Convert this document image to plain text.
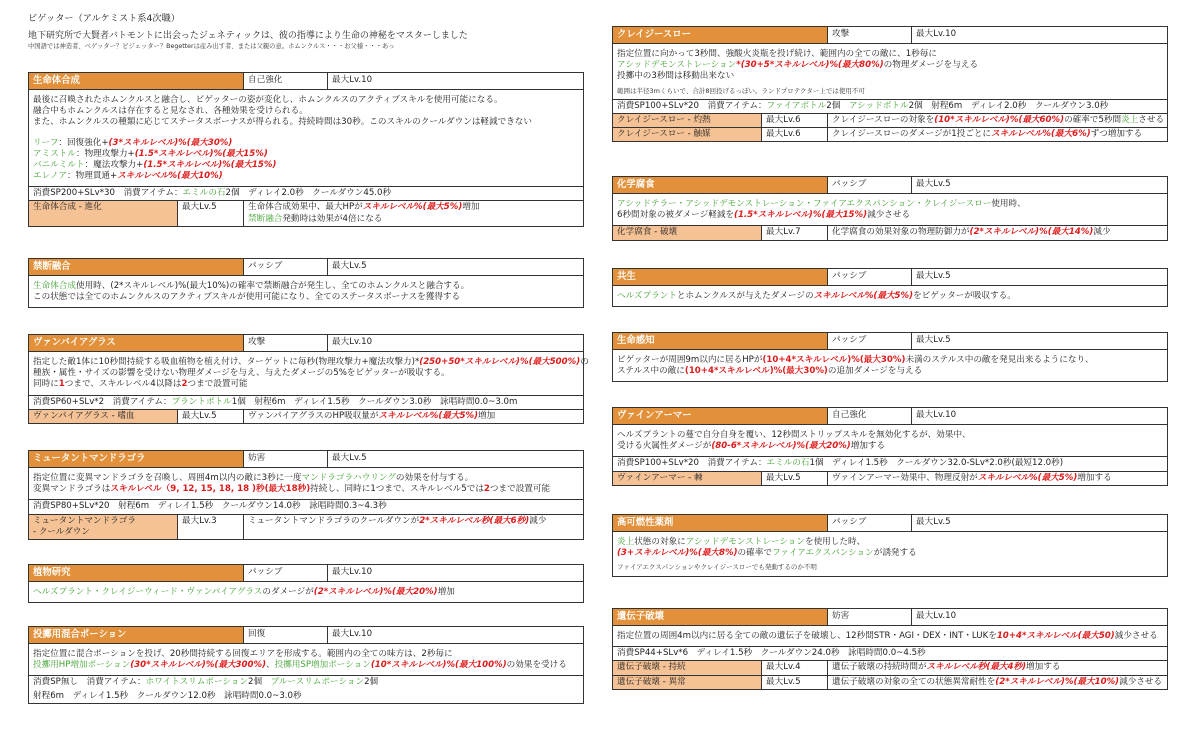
ビゲッター（アルケミスト系4次職）
地下研究所で大賢者バトモントに出会ったジェネティックは、彼の指導により生命の神秘をマスターしました
中国語では神造者、ベゲッター？ビジェッター？Begetterは産み出す者、または父親の意。ホムンクルス・・・お父様・・・あっ
生命体合成	自己強化	最大Lv.10
最後に召喚されたホムンクルスと融合し、ビゲッターの姿が変化し、ホムンクルスのアクティブスキルを使用可能になる。
融合中もホムンクルスは存在すると見なされ、各種効果を受けられる。
また、ホムンクルスの種類に応じてステータスボーナスが得られる。持続時間は30秒。このスキルのクールダウンは軽減できない
リーフ：回復強化+(3*スキルレベル)%(最大30%)
アミストル：物理攻撃力+(1.5*スキルレベル)%(最大15%)
バニルミルト：魔法攻撃力+(1.5*スキルレベル)%(最大15%)
エレノア：物理貫通+スキルレベル%(最大10%)
消費SP200+SLv*30　消費アイテム：エミルの石2個　ディレイ2.0秒　クールダウン45.0秒
生命体合成 - 進化	最大Lv.5	生命体合成効果中、最大HPがスキルレベル%(最大5%)増加
禁断融合発動時は効果が4倍になる
禁断融合	パッシブ	最大Lv.5
生命体合成使用時、(2*スキルレベル)%(最大10%)の確率で禁断融合が発生し、全てのホムンクルスと融合する。
この状態では全てのホムンクルスのアクティブスキルが使用可能になり、全てのステータスボーナスを獲得する
ヴァンパイアグラス	攻撃	最大Lv.10
指定した敵1体に10秒間持続する吸血植物を植え付け、ターゲットに毎秒(物理攻撃力+魔法攻撃力)*(250+50*スキルレベル)%(最大500%)の
種族・属性・サイズの影響を受けない物理ダメージを与え、与えたダメージの5%をビゲッターが吸収する。
同時に1つまで、スキルレベル4以降は2つまで設置可能
消費SP60+SLv*2　消費アイテム：プラントボトル1個　射程6m　ディレイ1.5秒　クールダウン3.0秒　詠唱時間0.0~3.0m
ヴァンパイアグラス - 嗜血	最大Lv.5	ヴァンパイアグラスのHP吸収量がスキルレベル%(最大5%)増加
ミュータントマンドラゴラ	妨害	最大Lv.5
指定位置に変異マンドラゴラを召喚し、周囲4m以内の敵に3秒に一度マンドラゴラハウリングの効果を付与する。
変異マンドラゴラはスキルレベル（9, 12, 15, 18, 18 )秒(最大18秒)持続し、同時に1つまで、スキルレベル5では2つまで設置可能
消費SP80+SLv*20　射程6m　ディレイ1.5秒　クールダウン14.0秒　詠唱時間0.3~4.3秒
ミュータントマンドラゴラ
- クールダウン
最大Lv.3	ミュータントマンドラゴラのクールダウンが2*スキルレベル秒(最大6秒)減少
植物研究	パッシブ	最大Lv.10
ヘルズプラント・クレイジーウィード・ヴァンパイアグラスのダメージが(2*スキルレベル)%(最大20%)増加
投擲用混合ポーション	回復	最大Lv.10
指定位置に混合ポーションを投げ、20秒間持続する回復エリアを形成する。範囲内の全ての味方は、2秒毎に
投擲用HP増加ポーション(30*スキルレベル)%(最大300%)、投擲用SP増加ポーション(10*スキルレベル)%(最大100%)の効果を受ける
消費SP無し　消費アイテム：ホワイトスリムポーション2個　ブルースリムポーション2個
射程6m　ディレイ1.5秒　クールダウン12.0秒　詠唱時間0.0~3.0秒
クレイジースロー	攻撃	最大Lv.10
指定位置に向かって3秒間、強酸火炎瓶を投げ続け、範囲内の全ての敵に、1秒毎に
アシッドデモンストレーション*(30+5*スキルレベル)%(最大80%)の物理ダメージを与える
投擲中の3秒間は移動出来ない
範囲は半径3mくらいで、合計8回投げるっぽい。ランドプロテクター上では使用不可
消費SP100+SLv*20　消費アイテム：ファイアボトル2個　アシッドボトル2個　射程6m　ディレイ2.0秒　クールダウン3.0秒
クレイジースロー - 灼熱	最大Lv.6	クレイジースローの対象を(10*スキルレベル)%(最大60%)の確率で5秒間炎上させる
クレイジースロー - 触媒	最大Lv.6	クレイジースローのダメージが1投ごとにスキルレベル%(最大6%)ずつ増加する
化学腐食	パッシブ	最大Lv.5
アシッドテラー・アシッドデモンストレーション・ファイアエクスパンション・クレイジースロー使用時、
6秒間対象の被ダメージ軽減を(1.5*スキルレベル)%(最大15%)減少させる
化学腐食 - 破壊	最大Lv.7	化学腐食の効果対象の物理防御力が(2*スキルレベル)%(最大14%)減少
共生	パッシブ	最大Lv.5
ヘルズプラントとホムンクルスが与えたダメージのスキルレベル%(最大5%)をビゲッターが吸収する。
生命感知	パッシブ	最大Lv.5
ビゲッターが周囲9m以内に居るHPが(10+4*スキルレベル)%(最大30%)未満のステルス中の敵を発見出来るようになり、
ステルス中の敵に(10+4*スキルレベル)%(最大30%)の追加ダメージを与える
ヴァインアーマー	自己強化	最大Lv.10
ヘルズプラントの蔓で自分自身を覆い、12秒間ストリップスキルを無効化するが、効果中、
受ける火属性ダメージが(80-6*スキルレベル)%(最大20%)増加する
消費SP100+SLv*20　消費アイテム：エミルの石1個　ディレイ1.5秒　クールダウン32.0-SLv*2.0秒(最短12.0秒)
ヴァインアーマー - 棘	最大Lv.5	ヴァインアーマー効果中、物理反射がスキルレベル%(最大5%)増加する
高可燃性薬剤	パッシブ	最大Lv.5
炎上状態の対象にアシッドデモンストレーションを使用した時、
(3+スキルレベル)%(最大8%)の確率でファイアエクスパンションが誘発する
ファイアエクスパンションやクレイジースローでも発動するのか不明
遺伝子破壊	妨害	最大Lv.10
指定位置の周囲4m以内に居る全ての敵の遺伝子を破壊し、12秒間STR・AGI・DEX・INT・LUKを10+4*スキルレベル(最大50)減少させる
消費SP44+SLv*6　ディレイ1.5秒　クールダウン24.0秒　詠唱時間0.0~4.5秒
遺伝子破壊 - 持続	最大Lv.4	遺伝子破壊の持続時間がスキルレベル秒(最大4秒)増加する
遺伝子破壊 - 異常	最大Lv.5	遺伝子破壊の対象の全ての状態異常耐性を(2*スキルレベル)%(最大10%)減少させる
